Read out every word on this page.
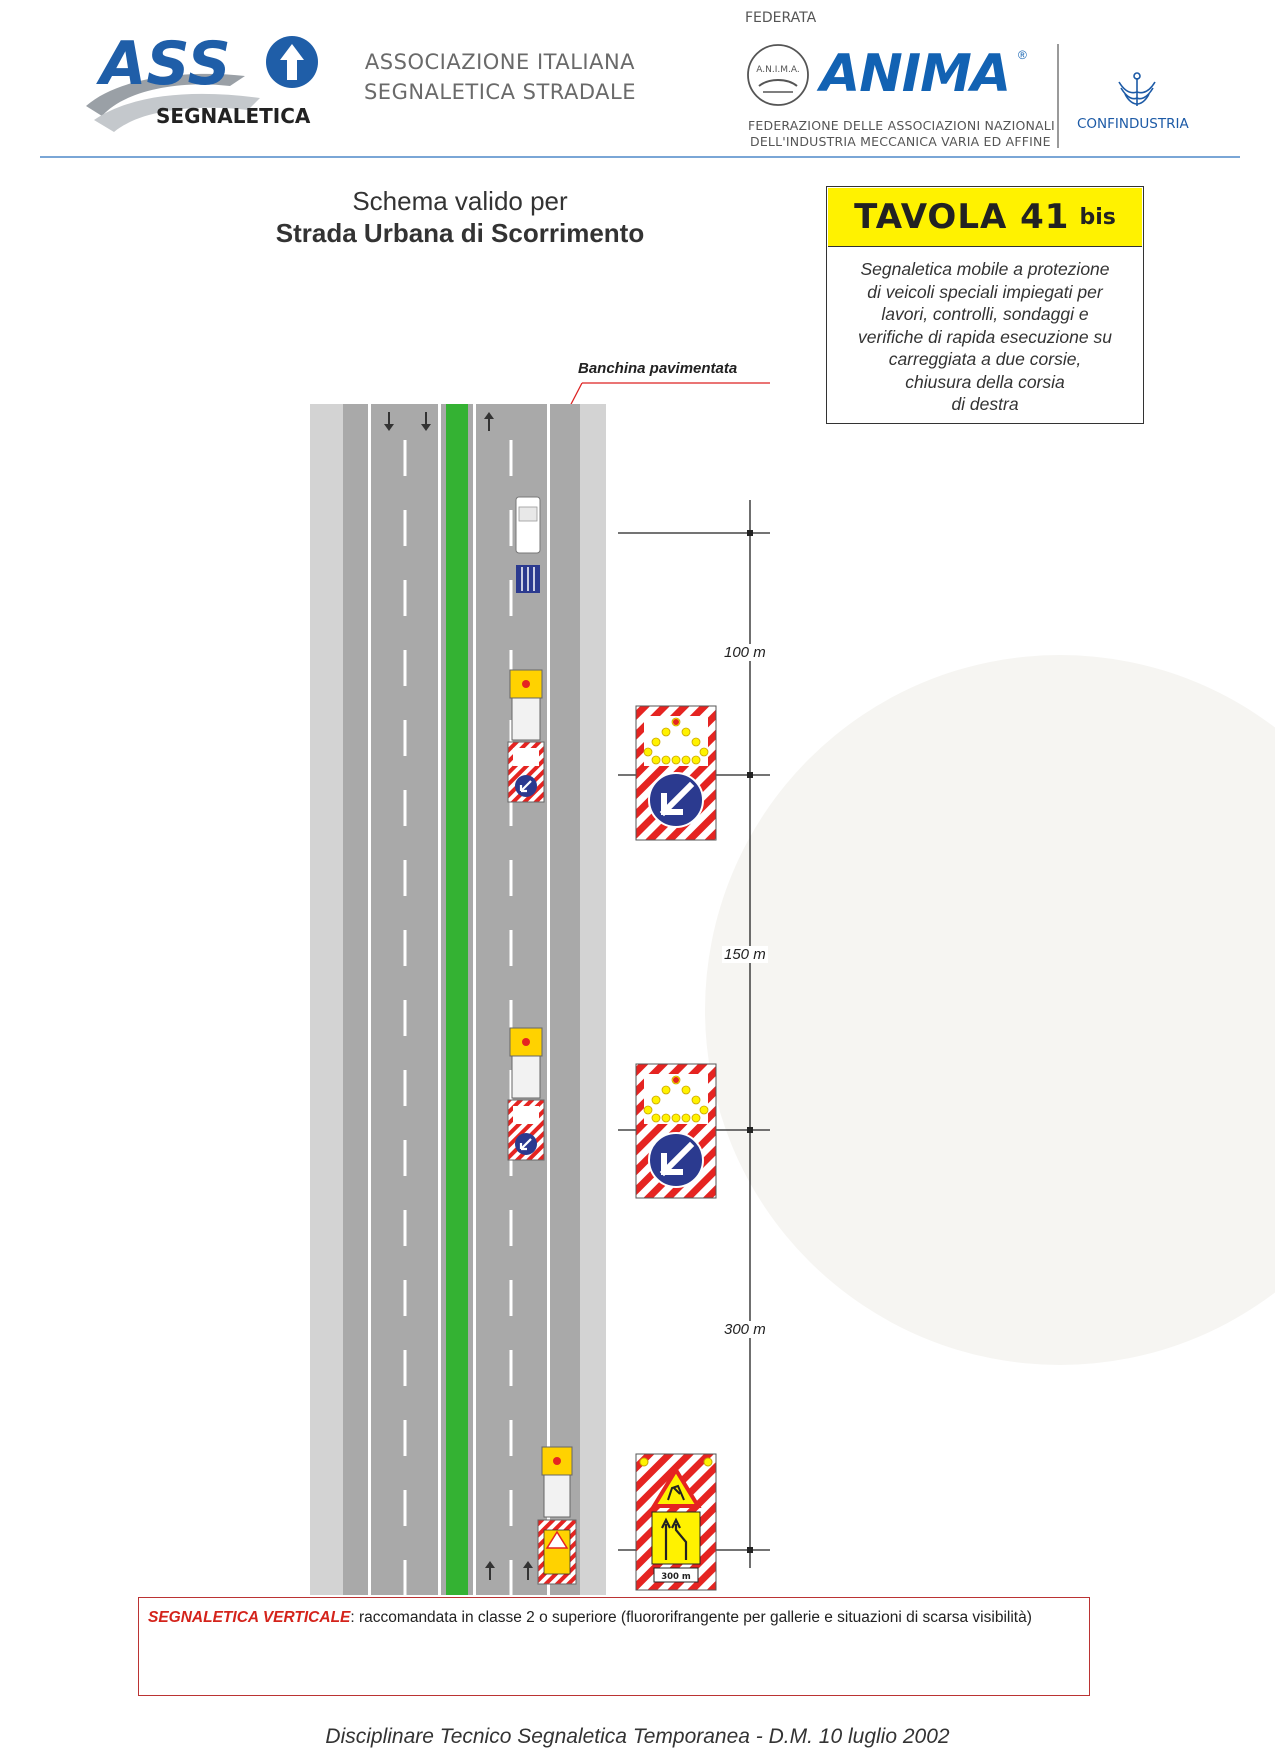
ASS
SEGNALETICA
ASSOCIAZIONE ITALIANA
SEGNALETICA STRADALE
FEDERATA
A.N.I.M.A. ANIMA ®
FEDERAZIONE DELLE ASSOCIAZIONI NAZIONALI
DELL'INDUSTRIA MECCANICA VARIA ED AFFINE
CONFINDUSTRIA
Schema valido per
Strada Urbana di Scorrimento	TAVOLA 41 bis
Segnaletica mobile a protezione
di veicoli speciali impiegati per
lavori, controlli, sondaggi e
verifiche di rapida esecuzione su
carreggiata a due corsie,
chiusura della corsia
di destra
Banchina pavimentata
300 m
100 m
150 m
300 m
SEGNALETICA VERTICALE: raccomandata in classe 2 o superiore (fluororifrangente per gallerie e situazioni di scarsa visibilità)
Disciplinare Tecnico Segnaletica Temporanea - D.M. 10 luglio 2002
